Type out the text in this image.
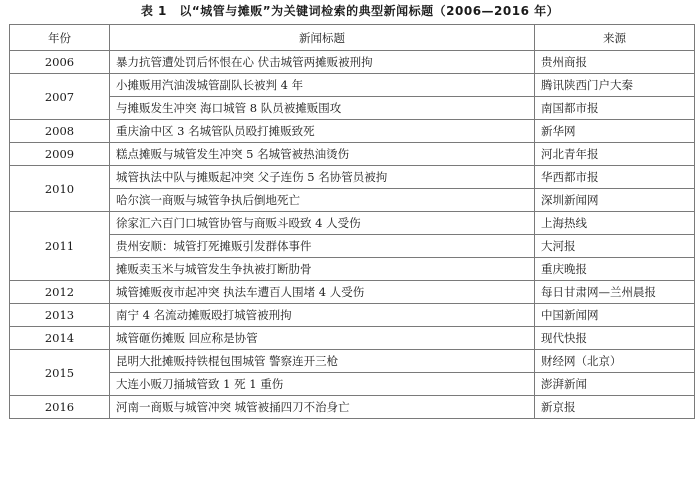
表 1　以“城管与摊贩”为关键词检索的典型新闻标题（2006—2016 年）
年份	新闻标题	来源
2006	暴力抗管遭处罚后怀恨在心 伏击城管两摊贩被刑拘	贵州商报
2007	小摊贩用汽油泼城管副队长被判 4 年	腾讯陕西门户大秦
	与摊贩发生冲突 海口城管 8 队员被摊贩围攻	南国都市报
2008	重庆渝中区 3 名城管队员殴打摊贩致死	新华网
2009	糕点摊贩与城管发生冲突 5 名城管被热油烫伤	河北青年报
2010	城管执法中队与摊贩起冲突 父子连伤 5 名协管员被拘	华西都市报
	哈尔滨一商贩与城管争执后倒地死亡	深圳新闻网
2011	徐家汇六百门口城管协管与商贩斗殴致 4 人受伤	上海热线
	贵州安顺：城管打死摊贩引发群体事件	大河报
	摊贩卖玉米与城管发生争执被打断肋骨	重庆晚报
2012	城管摊贩夜市起冲突 执法车遭百人围堵 4 人受伤	每日甘肃网—兰州晨报
2013	南宁 4 名流动摊贩殴打城管被刑拘	中国新闻网
2014	城管砸伤摊贩 回应称是协管	现代快报
2015	昆明大批摊贩持铁棍包围城管 警察连开三枪	财经网（北京）
	大连小贩刀捅城管致 1 死 1 重伤	澎湃新闻
2016	河南一商贩与城管冲突 城管被捅四刀不治身亡	新京报
